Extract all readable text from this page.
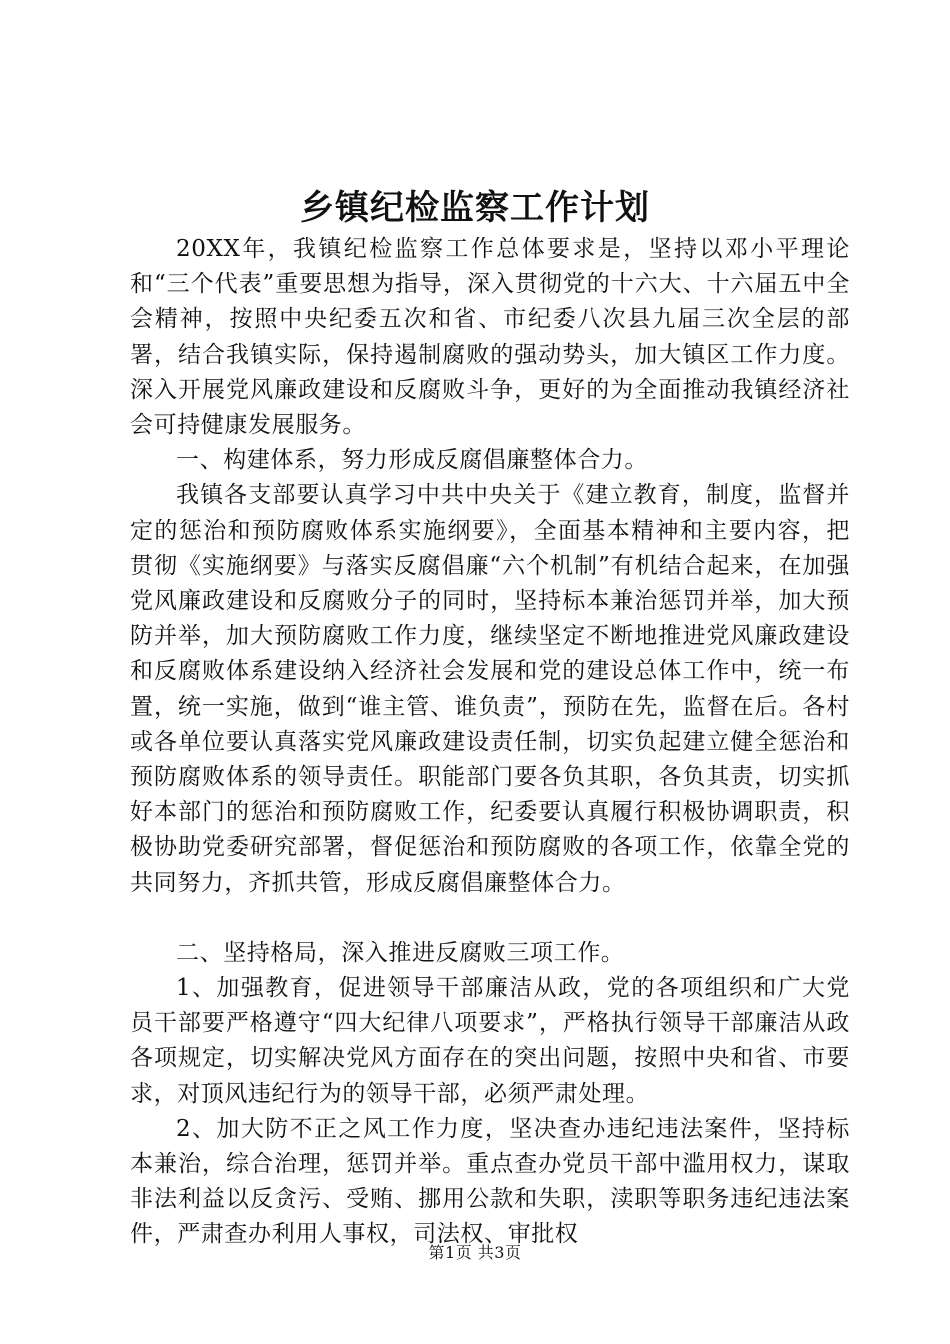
乡镇纪检监察工作计划

20XX年，我镇纪检监察工作总体要求是，坚持以邓小平理论和“三个代表”重要思想为指导，深入贯彻党的十六大、十六届五中全会精神，按照中央纪委五次和省、市纪委八次县九届三次全层的部署，结合我镇实际，保持遏制腐败的强动势头，加大镇区工作力度。深入开展党风廉政建设和反腐败斗争，更好的为全面推动我镇经济社会可持健康发展服务。

一、构建体系，努力形成反腐倡廉整体合力。

我镇各支部要认真学习中共中央关于《建立教育，制度，监督并定的惩治和预防腐败体系实施纲要》，全面基本精神和主要内容，把贯彻《实施纲要》与落实反腐倡廉“六个机制”有机结合起来，在加强党风廉政建设和反腐败分子的同时，坚持标本兼治惩罚并举，加大预防并举，加大预防腐败工作力度，继续坚定不断地推进党风廉政建设和反腐败体系建设纳入经济社会发展和党的建设总体工作中，统一布置，统一实施，做到“谁主管、谁负责”，预防在先，监督在后。各村或各单位要认真落实党风廉政建设责任制，切实负起建立健全惩治和预防腐败体系的领导责任。职能部门要各负其职，各负其责，切实抓好本部门的惩治和预防腐败工作，纪委要认真履行积极协调职责，积极协助党委研究部署，督促惩治和预防腐败的各项工作，依靠全党的共同努力，齐抓共管，形成反腐倡廉整体合力。

二、坚持格局，深入推进反腐败三项工作。

1、加强教育，促进领导干部廉洁从政，党的各项组织和广大党员干部要严格遵守“四大纪律八项要求”，严格执行领导干部廉洁从政各项规定，切实解决党风方面存在的突出问题，按照中央和省、市要求，对顶风违纪行为的领导干部，必须严肃处理。

2、加大防不正之风工作力度，坚决查办违纪违法案件，坚持标本兼治，综合治理，惩罚并举。重点查办党员干部中滥用权力，谋取非法利益以反贪污、受贿、挪用公款和失职，渎职等职务违纪违法案件，严肃查办利用人事权，司法权、审批权

第1页 共3页
